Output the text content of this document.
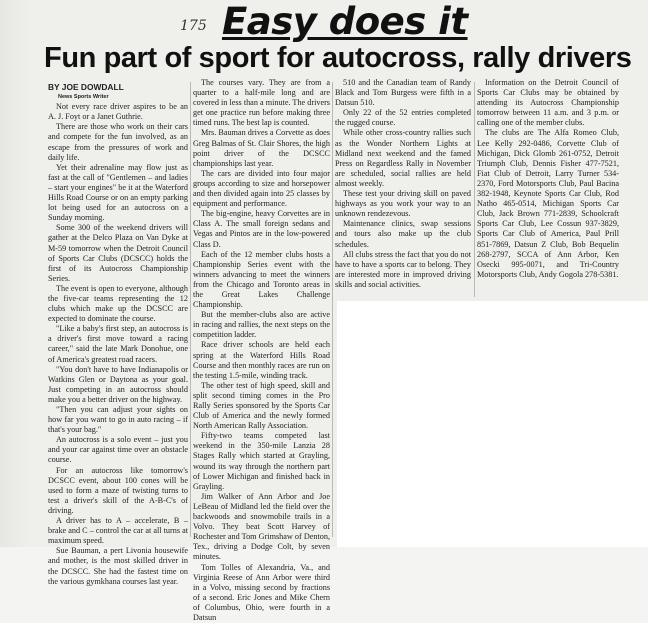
175 Easy does it
Fun part of sport for autocross, rally drivers

BY JOE DOWDALL

News Sports Writer

Not every race driver aspires to be an A. J. Foyt or a Janet Guthrie.

There are those who work on their cars and compete for the fun involved, as an escape from the pressures of work and daily life.

Yet their adrenaline may flow just as fast at the call of "Gentlemen – and ladies – start your engines" be it at the Waterford Hills Road Course or on an empty parking lot being used for an autocross on a Sunday morning.

Some 300 of the weekend drivers will gather at the Delco Plaza on Van Dyke at M-59 tomorrow when the Detroit Council of Sports Car Clubs (DCSCC) holds the first of its Autocross Championship Series.

The event is open to everyone, although the five-car teams representing the 12 clubs which make up the DCSCC are expected to dominate the course.

"Like a baby's first step, an autocross is a driver's first move toward a racing career," said the late Mark Donohue, one of America's greatest road racers.

"You don't have to have Indianapolis or Watkins Glen or Daytona as your goal. Just competing in an autocross should make you a better driver on the highway.

"Then you can adjust your sights on how far you want to go in auto racing – if that's your bag."

An autocross is a solo event – just you and your car against time over an obstacle course.

For an autocross like tomorrow's DCSCC event, about 100 cones will be used to form a maze of twisting turns to test a driver's skill of the A-B-C's of driving.

A driver has to A – accelerate, B – brake and C – control the car at all turns at maximum speed.

Sue Bauman, a pert Livonia housewife and mother, is the most skilled driver in the DCSCC. She had the fastest time on the various gymkhana courses last year.

The courses vary. They are from a quarter to a half-mile long and are covered in less than a minute. The drivers get one practice run before making three timed runs. The best lap is counted.

Mrs. Bauman drives a Corvette as does Greg Balmas of St. Clair Shores, the high point driver of the DCSCC championships last year.

The cars are divided into four major groups according to size and horsepower and then divided again into 25 classes by equipment and performance.

The big-engine, heavy Corvettes are in Class A. The small foreign sedans and Vegas and Pintos are in the low-powered Class D.

Each of the 12 member clubs hosts a Championship Series event with the winners advancing to meet the winners from the Chicago and Toronto areas in the Great Lakes Challenge Championship.

But the member-clubs also are active in racing and rallies, the next steps on the competition ladder.

Race driver schools are held each spring at the Waterford Hills Road Course and then monthly races are run on the testing 1.5-mile, winding track.

The other test of high speed, skill and split second timing comes in the Pro Rally Series sponsored by the Sports Car Club of America and the newly formed North American Rally Association.

Fifty-two teams competed last weekend in the 350-mile Lanzia 28 Stages Rally which started at Grayling, wound its way through the northern part of Lower Michigan and finished back in Grayling.

Jim Walker of Ann Arbor and Joe LeBeau of Midland led the field over the backwoods and snowmobile trails in a Volvo. They beat Scott Harvey of Rochester and Tom Grimshaw of Denton, Tex., driving a Dodge Colt, by seven minutes.

Tom Tolles of Alexandria, Va., and Virginia Reese of Ann Arbor were third in a Volvo, missing second by fractions of a second. Eric Jones and Mike Chern of Columbus, Ohio, were fourth in a Datsun

510 and the Canadian team of Randy Black and Tom Burgess were fifth in a Datsun 510.

Only 22 of the 52 entries completed the rugged course.

While other cross-country rallies such as the Wonder Northern Lights at Midland next weekend and the famed Press on Regardless Rally in November are scheduled, social rallies are held almost weekly.

These test your driving skill on paved highways as you work your way to an unknown rendezevous.

Maintenance clinics, swap sessions and tours also make up the club schedules.

All clubs stress the fact that you do not have to have a sports car to belong. They are interested more in improved driving skills and social activities.

Information on the Detroit Council of Sports Car Clubs may be obtained by attending its Autocross Championship tomorrow between 11 a.m. and 3 p.m. or calling one of the member clubs.

The clubs are The Alfa Romeo Club, Lee Kelly 292-0486, Corvette Club of Michigan, Dick Glomb 261-0752, Detroit Triumph Club, Dennis Fisher 477-7521, Fiat Club of Detroit, Larry Turner 534-2370, Ford Motorsports Club, Paul Bacina 382-1948, Keynote Sports Car Club, Rod Natho 465-0514, Michigan Sports Car Club, Jack Brown 771-2839, Schoolcraft Sports Car Club, Lee Cossun 937-3829, Sports Car Club of America, Paul Prill 851-7869, Datsun Z Club, Bob Bequelin 268-2797, SCCA of Ann Arbor, Ken Osecki 995-0071, and Tri-Country Motorsports Club, Andy Gogola 278-5381.
